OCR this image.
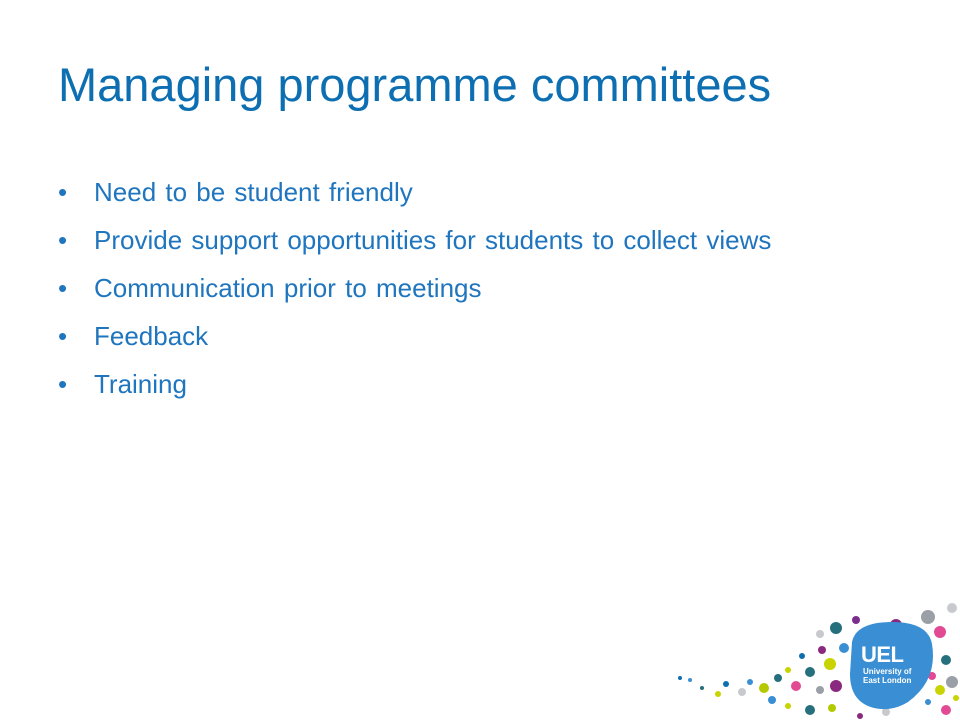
Managing programme committees
•	Need to be student friendly
•	Provide support opportunities for students to collect views
•	Communication prior to meetings
•	Feedback
•	Training
UEL
University of
East London
